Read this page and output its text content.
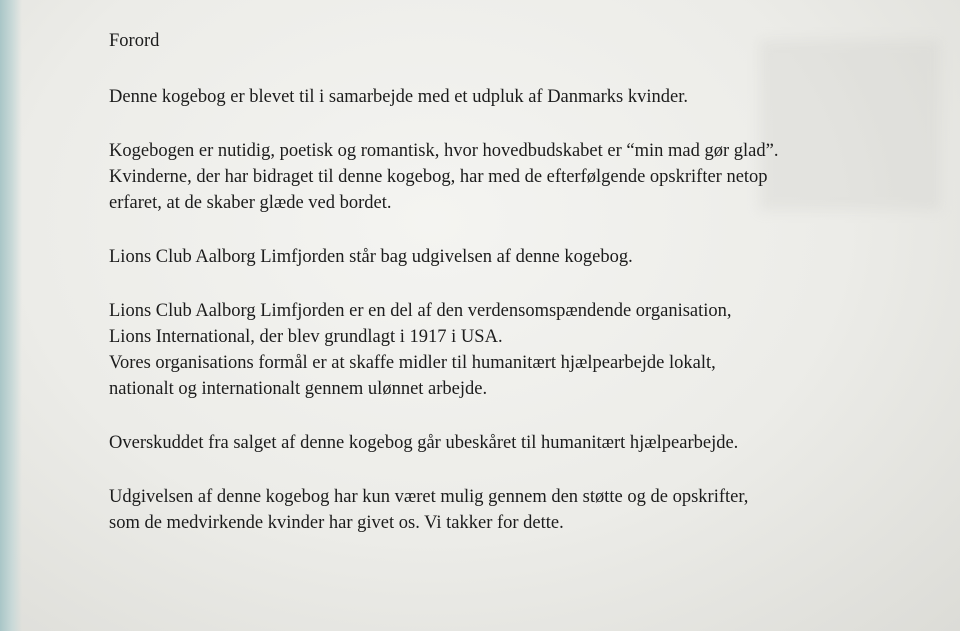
Forord
Denne kogebog er blevet til i samarbejde med et udpluk af Danmarks kvinder.
Kogebogen er nutidig, poetisk og romantisk, hvor hovedbudskabet er “min mad gør glad”.
Kvinderne, der har bidraget til denne kogebog, har med de efterfølgende opskrifter netop
erfaret, at de skaber glæde ved bordet.
Lions Club Aalborg Limfjorden står bag udgivelsen af denne kogebog.
Lions Club Aalborg Limfjorden er en del af den verdensomspændende organisation,
Lions International, der blev grundlagt i 1917 i USA.
Vores organisations formål er at skaffe midler til humanitært hjælpearbejde lokalt,
nationalt og internationalt gennem ulønnet arbejde.
Overskuddet fra salget af denne kogebog går ubeskåret til humanitært hjælpearbejde.
Udgivelsen af denne kogebog har kun været mulig gennem den støtte og de opskrifter,
som de medvirkende kvinder har givet os. Vi takker for dette.
